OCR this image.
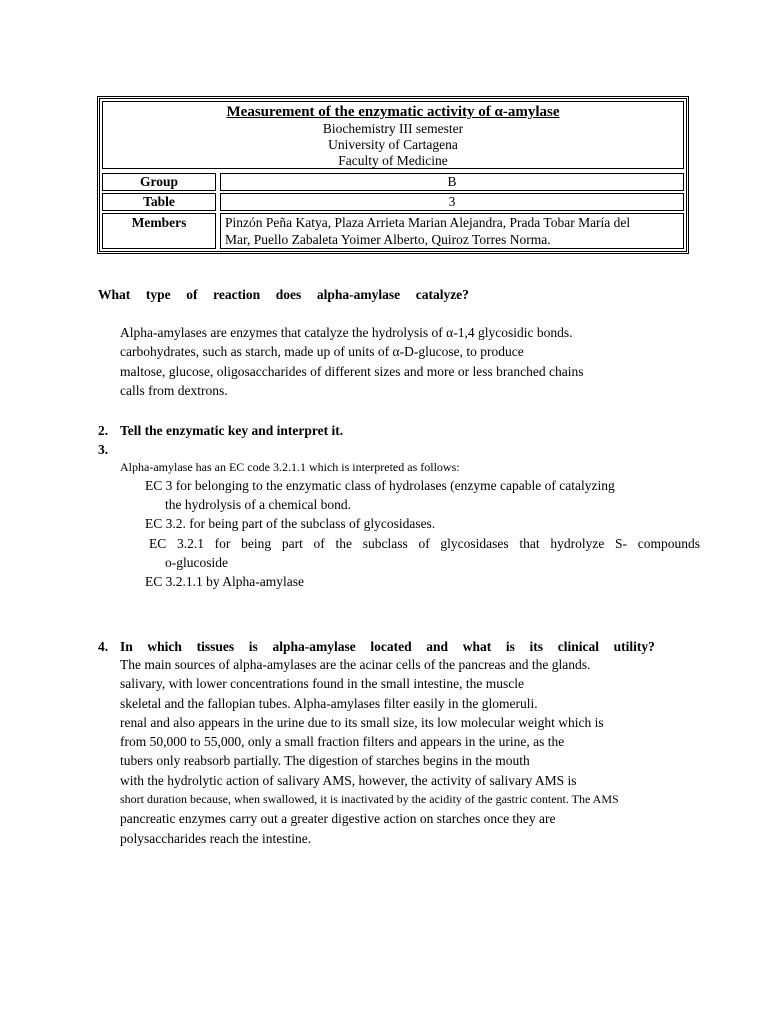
Measurement of the enzymatic activity of α-amylase
Biochemistry III semester
University of Cartagena
Faculty of Medicine
Group	B
Table	3
Members	Pinzón Peña Katya, Plaza Arrieta Marian Alejandra, Prada Tobar María del
Mar, Puello Zabaleta Yoimer Alberto, Quiroz Torres Norma.
What type of reaction does alpha-amylase catalyze?
Alpha-amylases are enzymes that catalyze the hydrolysis of α-1,4 glycosidic bonds.
carbohydrates, such as starch, made up of units of α-D-glucose, to produce
maltose, glucose, oligosaccharides of different sizes and more or less branched chains
calls from dextrons.
2. Tell the enzymatic key and interpret it.
3.
Alpha-amylase has an EC code 3.2.1.1 which is interpreted as follows:
EC 3 for belonging to the enzymatic class of hydrolases (enzyme capable of catalyzing
the hydrolysis of a chemical bond.
EC 3.2. for being part of the subclass of glycosidases.
EC 3.2.1 for being part of the subclass of glycosidases that hydrolyze S- compounds
o-glucoside
EC 3.2.1.1 by Alpha-amylase
4. In which tissues is alpha-amylase located and what is its clinical utility?
The main sources of alpha-amylases are the acinar cells of the pancreas and the glands.
salivary, with lower concentrations found in the small intestine, the muscle
skeletal and the fallopian tubes. Alpha-amylases filter easily in the glomeruli.
renal and also appears in the urine due to its small size, its low molecular weight which is
from 50,000 to 55,000, only a small fraction filters and appears in the urine, as the
tubers only reabsorb partially. The digestion of starches begins in the mouth
with the hydrolytic action of salivary AMS, however, the activity of salivary AMS is
short duration because, when swallowed, it is inactivated by the acidity of the gastric content. The AMS
pancreatic enzymes carry out a greater digestive action on starches once they are
polysaccharides reach the intestine.
